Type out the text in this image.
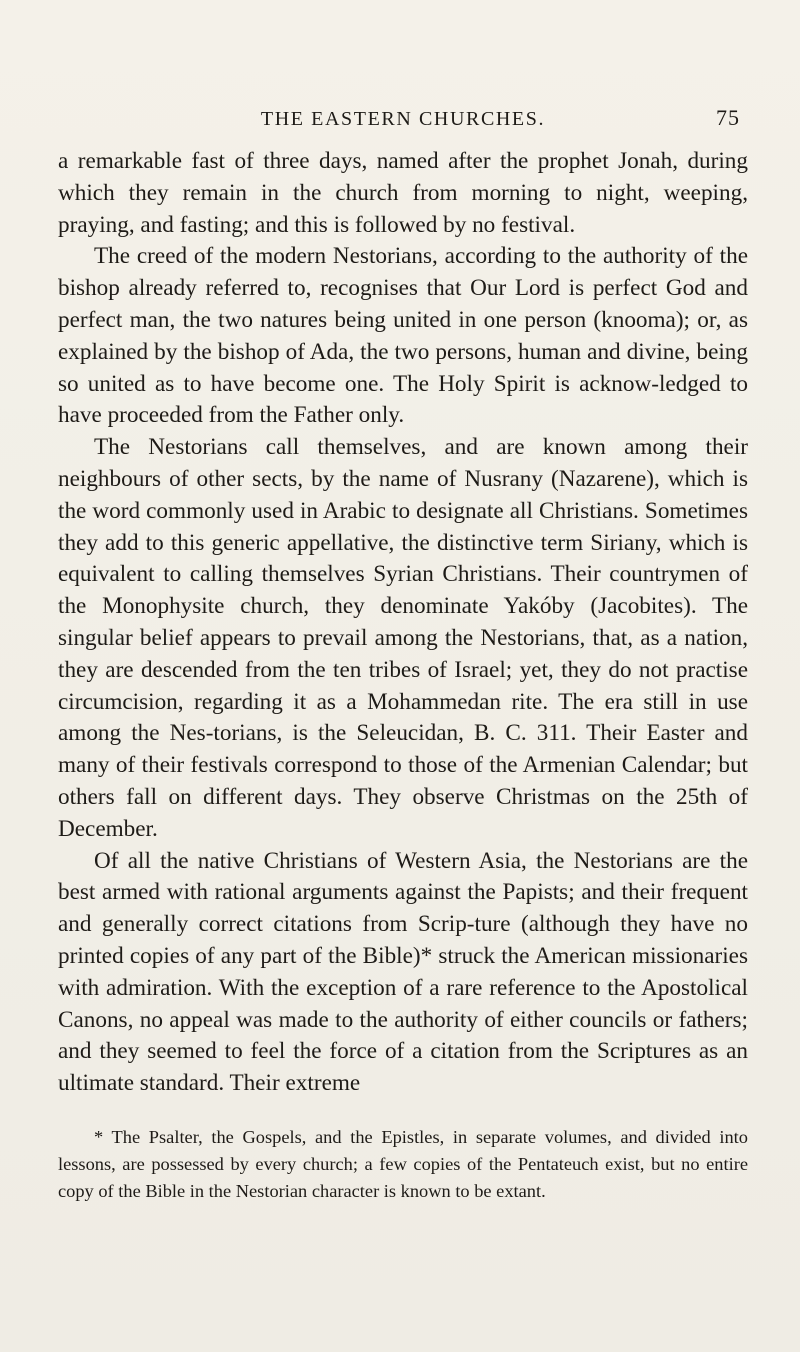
THE EASTERN CHURCHES.	75

a remarkable fast of three days, named after the prophet Jonah, during which they remain in the church from morning to night, weeping, praying, and fasting; and this is followed by no festival.

The creed of the modern Nestorians, according to the authority of the bishop already referred to, recognises that Our Lord is perfect God and perfect man, the two natures being united in one person (knooma); or, as explained by the bishop of Ada, the two persons, human and divine, being so united as to have become one. The Holy Spirit is acknow-ledged to have proceeded from the Father only.

The Nestorians call themselves, and are known among their neighbours of other sects, by the name of Nusrany (Nazarene), which is the word commonly used in Arabic to designate all Christians. Sometimes they add to this generic appellative, the distinctive term Siriany, which is equivalent to calling themselves Syrian Christians. Their countrymen of the Monophysite church, they denominate Yakóby (Jacobites). The singular belief appears to prevail among the Nestorians, that, as a nation, they are descended from the ten tribes of Israel; yet, they do not practise circumcision, regarding it as a Mohammedan rite. The era still in use among the Nes-torians, is the Seleucidan, B. C. 311. Their Easter and many of their festivals correspond to those of the Armenian Calendar; but others fall on different days. They observe Christmas on the 25th of December.

Of all the native Christians of Western Asia, the Nestorians are the best armed with rational arguments against the Papists; and their frequent and generally correct citations from Scrip-ture (although they have no printed copies of any part of the Bible)* struck the American missionaries with admiration. With the exception of a rare reference to the Apostolical Canons, no appeal was made to the authority of either councils or fathers; and they seemed to feel the force of a citation from the Scriptures as an ultimate standard. Their extreme

* The Psalter, the Gospels, and the Epistles, in separate volumes, and divided into lessons, are possessed by every church; a few copies of the Pentateuch exist, but no entire copy of the Bible in the Nestorian character is known to be extant.
